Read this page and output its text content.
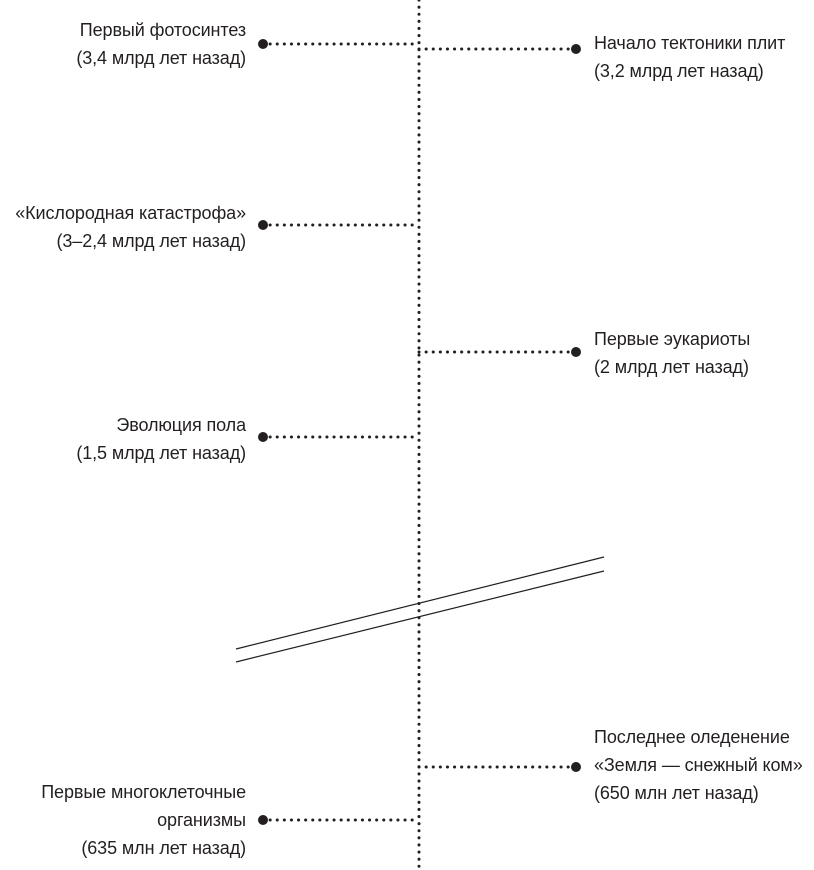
Первый фотосинтез
(3,4 млрд лет назад)
«Кислородная катастрофа»
(3–2,4 млрд лет назад)
Эволюция пола
(1,5 млрд лет назад)
Первые многоклеточные
организмы
(635 млн лет назад)
Начало тектоники плит
(3,2 млрд лет назад)
Первые эукариоты
(2 млрд лет назад)
Последнее оледенение
«Земля — снежный ком»
(650 млн лет назад)
